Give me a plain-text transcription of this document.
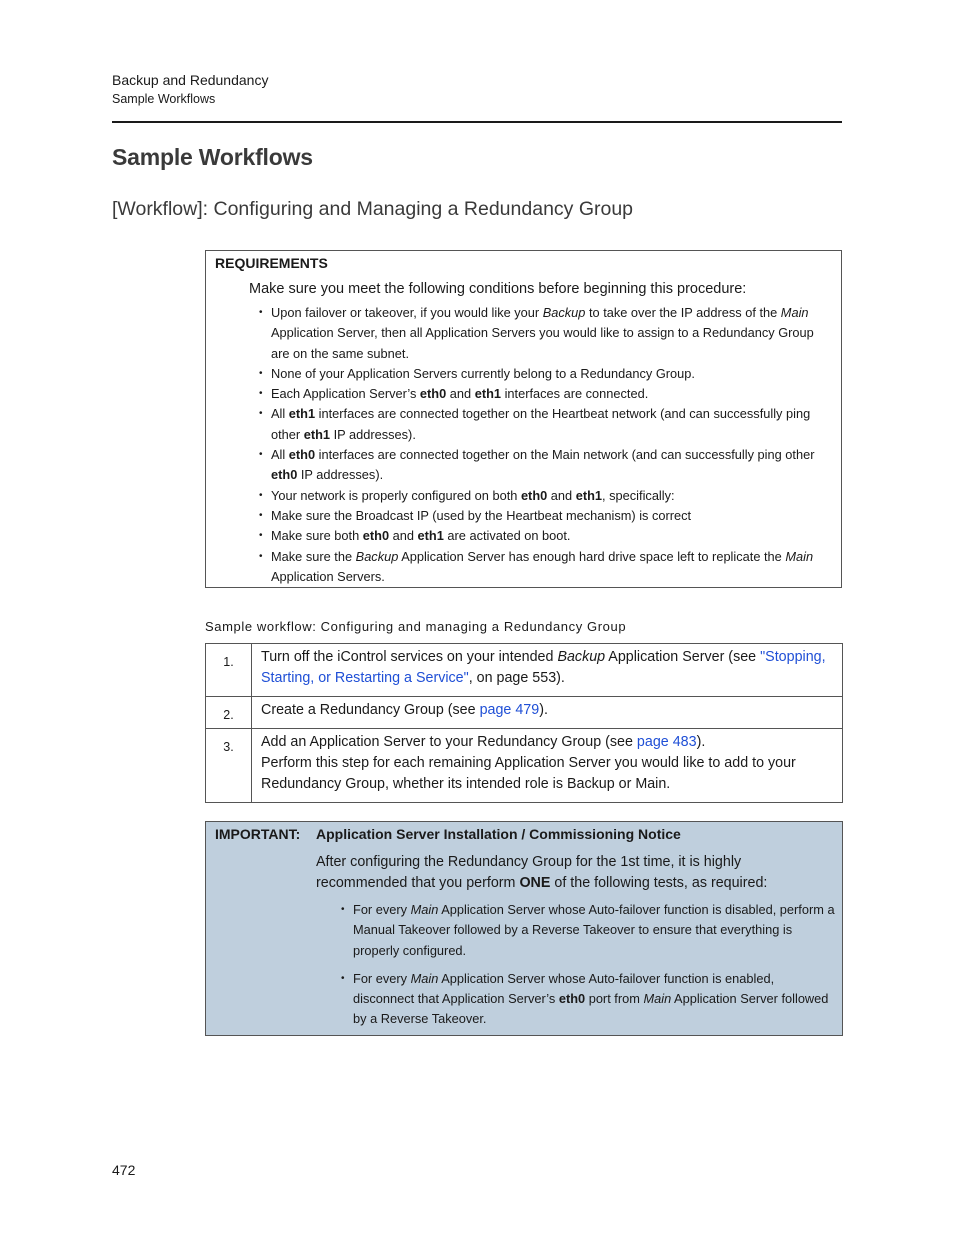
Backup and Redundancy
Sample Workflows
Sample Workflows
[Workflow]: Configuring and Managing a Redundancy Group
REQUIREMENTS
Make sure you meet the following conditions before beginning this procedure:
• Upon failover or takeover, if you would like your Backup to take over the IP address of the Main Application Server, then all Application Servers you would like to assign to a Redundancy Group are on the same subnet.
• None of your Application Servers currently belong to a Redundancy Group.
• Each Application Server’s eth0 and eth1 interfaces are connected.
• All eth1 interfaces are connected together on the Heartbeat network (and can successfully ping other eth1 IP addresses).
• All eth0 interfaces are connected together on the Main network (and can successfully ping other eth0 IP addresses).
• Your network is properly configured on both eth0 and eth1, specifically:
• Make sure the Broadcast IP (used by the Heartbeat mechanism) is correct
• Make sure both eth0 and eth1 are activated on boot.
• Make sure the Backup Application Server has enough hard drive space left to replicate the Main Application Servers.
Sample workflow: Configuring and managing a Redundancy Group
1.	Turn off the iControl services on your intended Backup Application Server (see "Stopping, Starting, or Restarting a Service", on page 553).
2.	Create a Redundancy Group (see page 479).
3.	Add an Application Server to your Redundancy Group (see page 483).
Perform this step for each remaining Application Server you would like to add to your Redundancy Group, whether its intended role is Backup or Main.
IMPORTANT: Application Server Installation / Commissioning Notice
After configuring the Redundancy Group for the 1st time, it is highly recommended that you perform ONE of the following tests, as required:
• For every Main Application Server whose Auto-failover function is disabled, perform a Manual Takeover followed by a Reverse Takeover to ensure that everything is properly configured.
• For every Main Application Server whose Auto-failover function is enabled, disconnect that Application Server’s eth0 port from Main Application Server followed by a Reverse Takeover.
472
